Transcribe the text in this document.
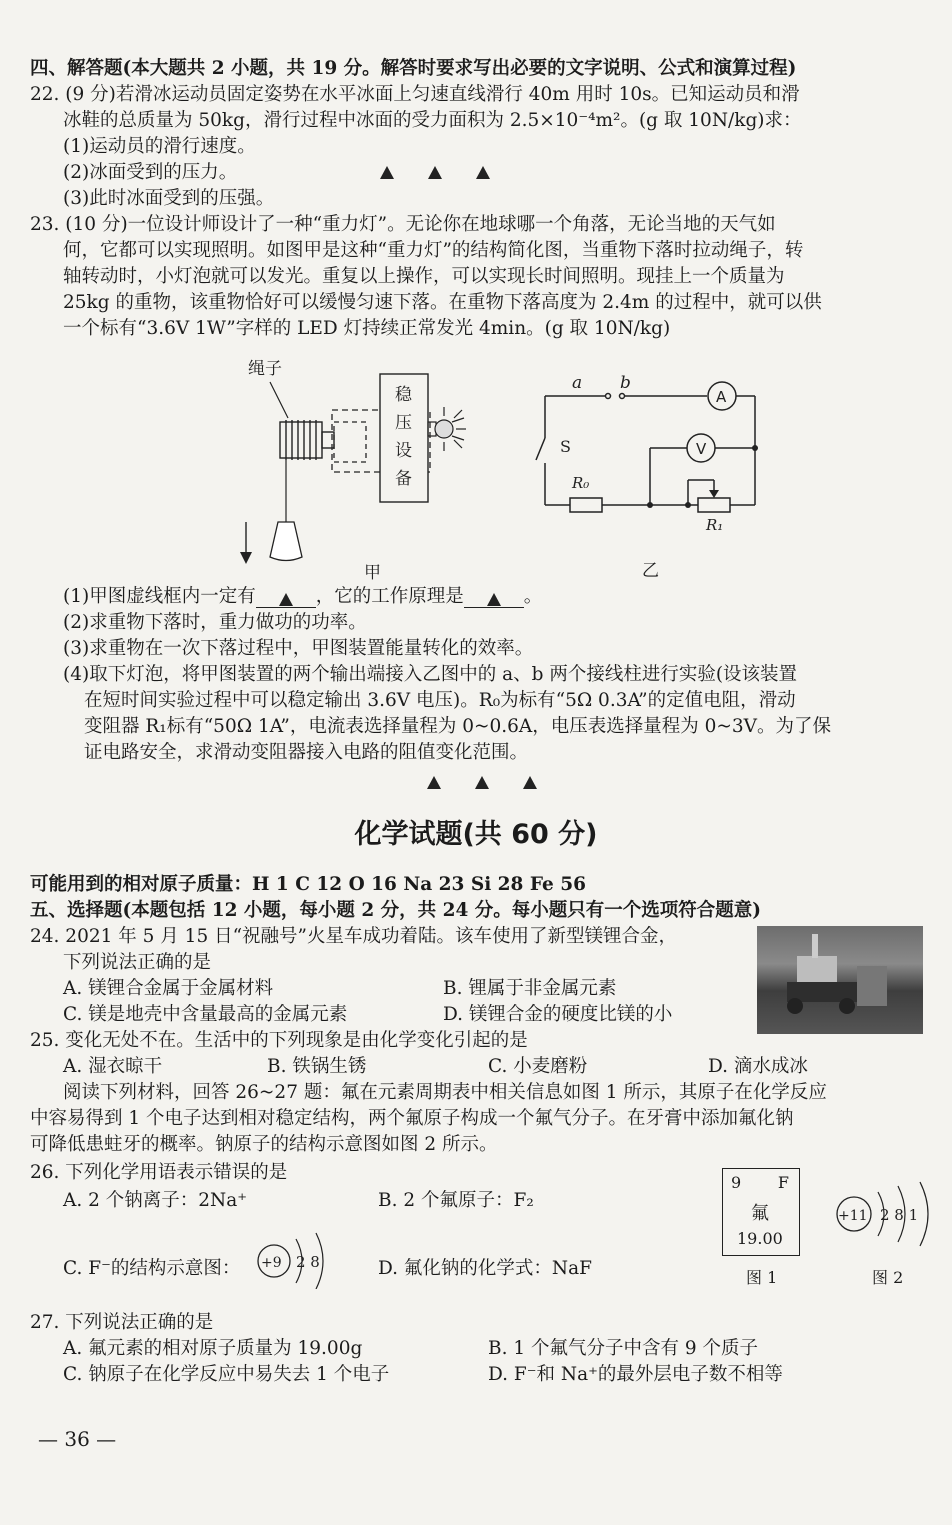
四、解答题(本大题共 2 小题，共 19 分。解答时要求写出必要的文字说明、公式和演算过程)
22. (9 分)若滑冰运动员固定姿势在水平冰面上匀速直线滑行 40m 用时 10s。已知运动员和滑
冰鞋的总质量为 50kg，滑行过程中冰面的受力面积为 2.5×10⁻⁴m²。(g 取 10N/kg)求：
(1)运动员的滑行速度。
(2)冰面受到的压力。
(3)此时冰面受到的压强。
23. (10 分)一位设计师设计了一种“重力灯”。无论你在地球哪一个角落，无论当地的天气如
何，它都可以实现照明。如图甲是这种“重力灯”的结构简化图，当重物下落时拉动绳子，转
轴转动时，小灯泡就可以发光。重复以上操作，可以实现长时间照明。现挂上一个质量为
25kg 的重物，该重物恰好可以缓慢匀速下落。在重物下落高度为 2.4m 的过程中，就可以供
一个标有“3.6V 1W”字样的 LED 灯持续正常发光 4min。(g 取 10N/kg)
绳子
稳
压
设
备
甲
a b
A
V
S
R₀
R₁
乙
(1)甲图虚线框内一定有	，它的工作原理是	。
(2)求重物下落时，重力做功的功率。
(3)求重物在一次下落过程中，甲图装置能量转化的效率。
(4)取下灯泡，将甲图装置的两个输出端接入乙图中的 a、b 两个接线柱进行实验(设该装置
在短时间实验过程中可以稳定输出 3.6V 电压)。R₀为标有“5Ω 0.3A”的定值电阻，滑动
变阻器 R₁标有“50Ω 1A”，电流表选择量程为 0~0.6A，电压表选择量程为 0~3V。为了保
证电路安全，求滑动变阻器接入电路的阻值变化范围。
化学试题(共 60 分)
可能用到的相对原子质量：H 1 C 12 O 16 Na 23 Si 28 Fe 56
五、选择题(本题包括 12 小题，每小题 2 分，共 24 分。每小题只有一个选项符合题意)
24. 2021 年 5 月 15 日“祝融号”火星车成功着陆。该车使用了新型镁锂合金，
下列说法正确的是
A. 镁锂合金属于金属材料	B. 锂属于非金属元素
C. 镁是地壳中含量最高的金属元素	D. 镁锂合金的硬度比镁的小
25. 变化无处不在。生活中的下列现象是由化学变化引起的是
A. 湿衣晾干	B. 铁锅生锈	C. 小麦磨粉	D. 滴水成冰
阅读下列材料，回答 26~27 题：氟在元素周期表中相关信息如图 1 所示，其原子在化学反应
中容易得到 1 个电子达到相对稳定结构，两个氟原子构成一个氟气分子。在牙膏中添加氟化钠
可降低患蛀牙的概率。钠原子的结构示意图如图 2 所示。
26. 下列化学用语表示错误的是
A. 2 个钠离子：2Na⁺	B. 2 个氟原子：F₂
C. F⁻的结构示意图： +9 2 8	D. 氟化钠的化学式：NaF
9 F
氟
19.00
图 1
+11 2 8 1
图 2
27. 下列说法正确的是
A. 氟元素的相对原子质量为 19.00g	B. 1 个氟气分子中含有 9 个质子
C. 钠原子在化学反应中易失去 1 个电子	D. F⁻和 Na⁺的最外层电子数不相等
— 36 —
